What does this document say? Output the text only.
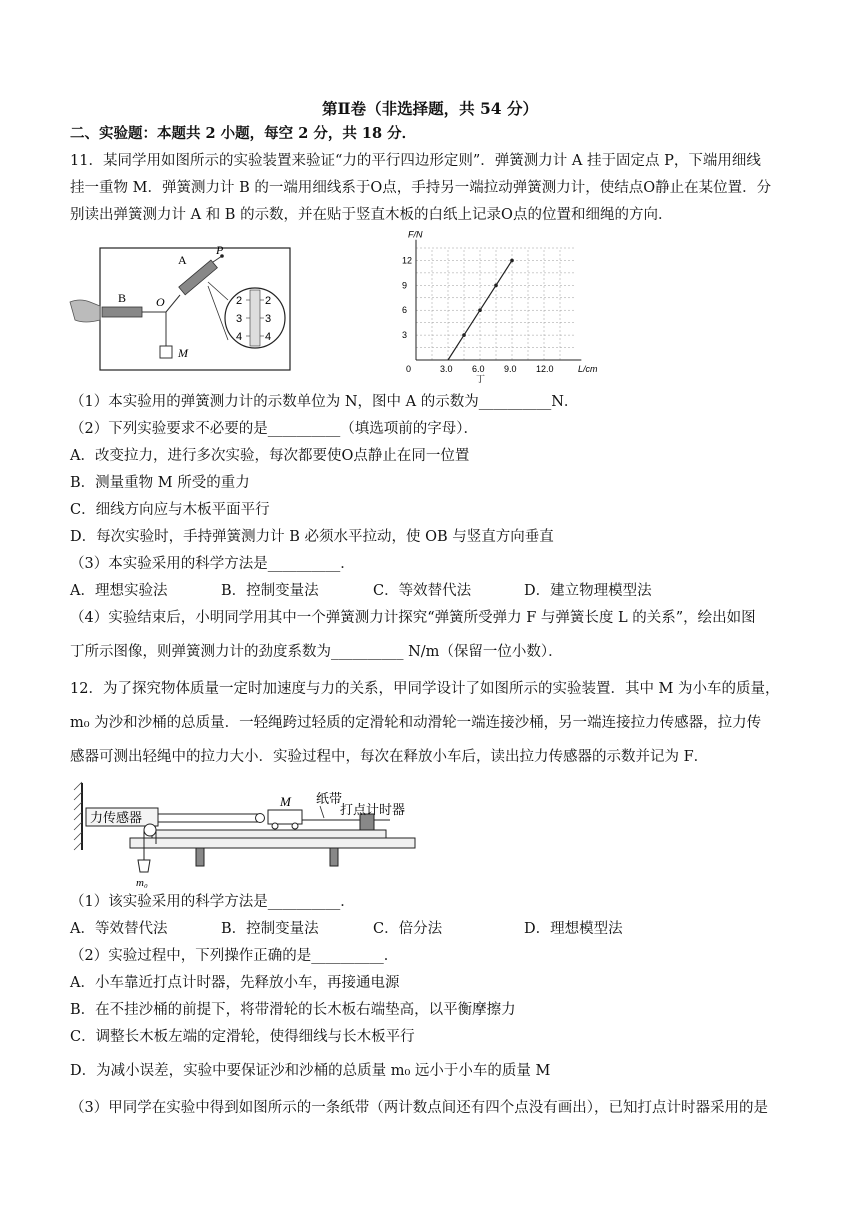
第Ⅱ卷（非选择题，共 54 分）
二、实验题：本题共 2 小题，每空 2 分，共 18 分．
11．某同学用如图所示的实验装置来验证“力的平行四边形定则”．弹簧测力计 A 挂于固定点 P，下端用细线
挂一重物 M．弹簧测力计 B 的一端用细线系于O点，手持另一端拉动弹簧测力计，使结点O静止在某位置．分
别读出弹簧测力计 A 和 B 的示数，并在贴于竖直木板的白纸上记录O点的位置和细绳的方向．
B O
M
A
P
2
3
4
2
3
4
0	3.0 6.0 9.0 12.0
3
6
9
12
L/cm
F/N
丁
（1）本实验用的弹簧测力计的示数单位为 N，图中 A 的示数为__________N．
（2）下列实验要求不必要的是__________（填选项前的字母）．
A．改变拉力，进行多次实验，每次都要使O点静止在同一位置
B．测量重物 M 所受的重力
C．细线方向应与木板平面平行
D．每次实验时，手持弹簧测力计 B 必须水平拉动，使 OB 与竖直方向垂直
（3）本实验采用的科学方法是__________．
A．理想实验法	B．控制变量法	C．等效替代法	D．建立物理模型法
（4）实验结束后，小明同学用其中一个弹簧测力计探究“弹簧所受弹力 F 与弹簧长度 L 的关系”，绘出如图
丁所示图像，则弹簧测力计的劲度系数为__________ N/m（保留一位小数）．
12．为了探究物体质量一定时加速度与力的关系，甲同学设计了如图所示的实验装置．其中 M 为小车的质量，
m₀ 为沙和沙桶的总质量．一轻绳跨过轻质的定滑轮和动滑轮一端连接沙桶，另一端连接拉力传感器，拉力传
感器可测出轻绳中的拉力大小．实验过程中，每次在释放小车后，读出拉力传感器的示数并记为 F．
力传感器
M 纸带
打点计时器
m₀
（1）该实验采用的科学方法是__________．
A．等效替代法	B．控制变量法	C．倍分法	D．理想模型法
（2）实验过程中，下列操作正确的是__________．
A．小车靠近打点计时器，先释放小车，再接通电源
B．在不挂沙桶的前提下，将带滑轮的长木板右端垫高，以平衡摩擦力
C．调整长木板左端的定滑轮，使得细线与长木板平行
D．为减小误差，实验中要保证沙和沙桶的总质量 m₀ 远小于小车的质量 M
（3）甲同学在实验中得到如图所示的一条纸带（两计数点间还有四个点没有画出），已知打点计时器采用的是
